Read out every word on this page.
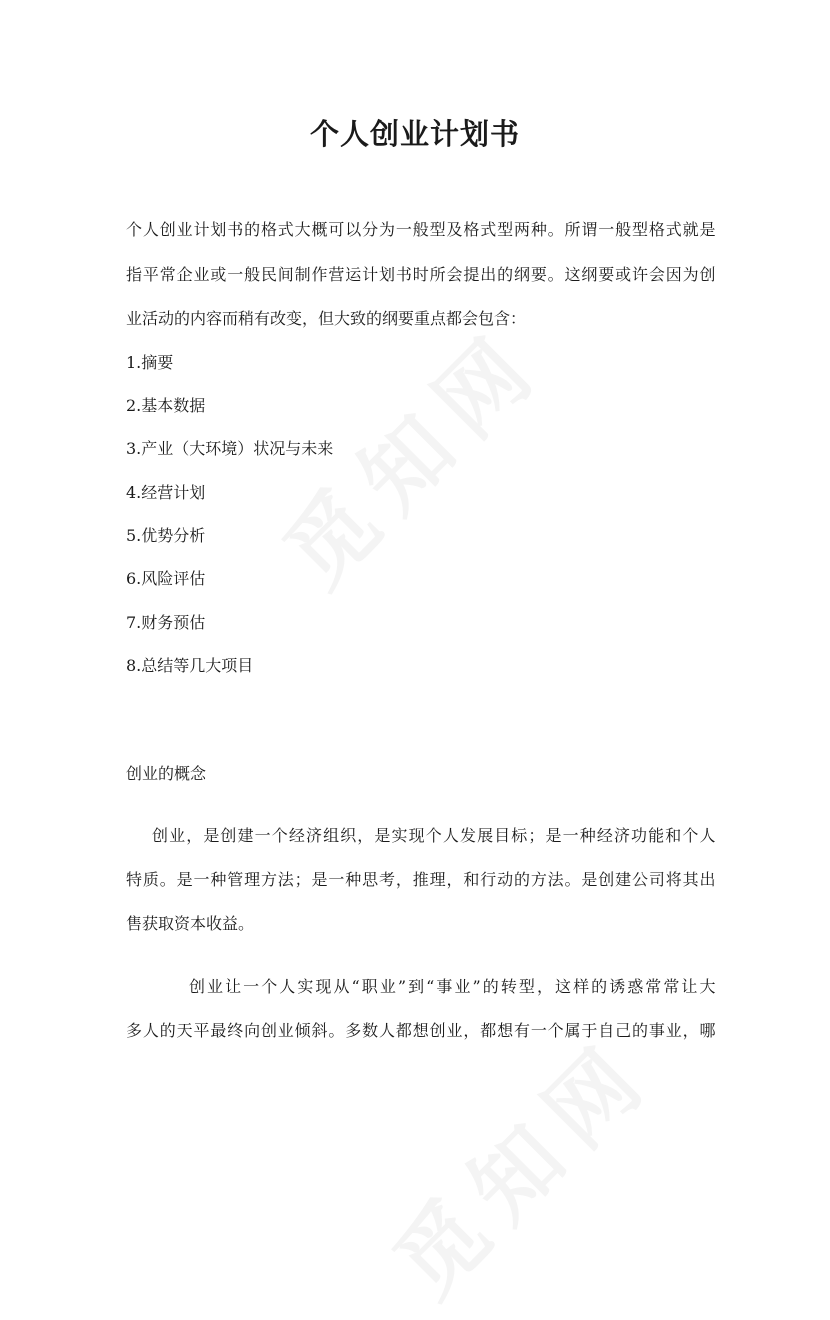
个人创业计划书

个人创业计划书的格式大概可以分为一般型及格式型两种。所谓一般型格式就是

指平常企业或一般民间制作营运计划书时所会提出的纲要。这纲要或许会因为创

业活动的内容而稍有改变，但大致的纲要重点都会包含：

1.摘要

2.基本数据

3.产业（大环境）状况与未来

4.经营计划

5.优势分析

6.风险评估

7.财务预估

8.总结等几大项目

创业的概念

创业，是创建一个经济组织，是实现个人发展目标；是一种经济功能和个人

特质。是一种管理方法；是一种思考，推理，和行动的方法。是创建公司将其出

售获取资本收益。

创业让一个人实现从“职业”到“事业”的转型，这样的诱惑常常让大

多人的天平最终向创业倾斜。多数人都想创业，都想有一个属于自己的事业，哪
